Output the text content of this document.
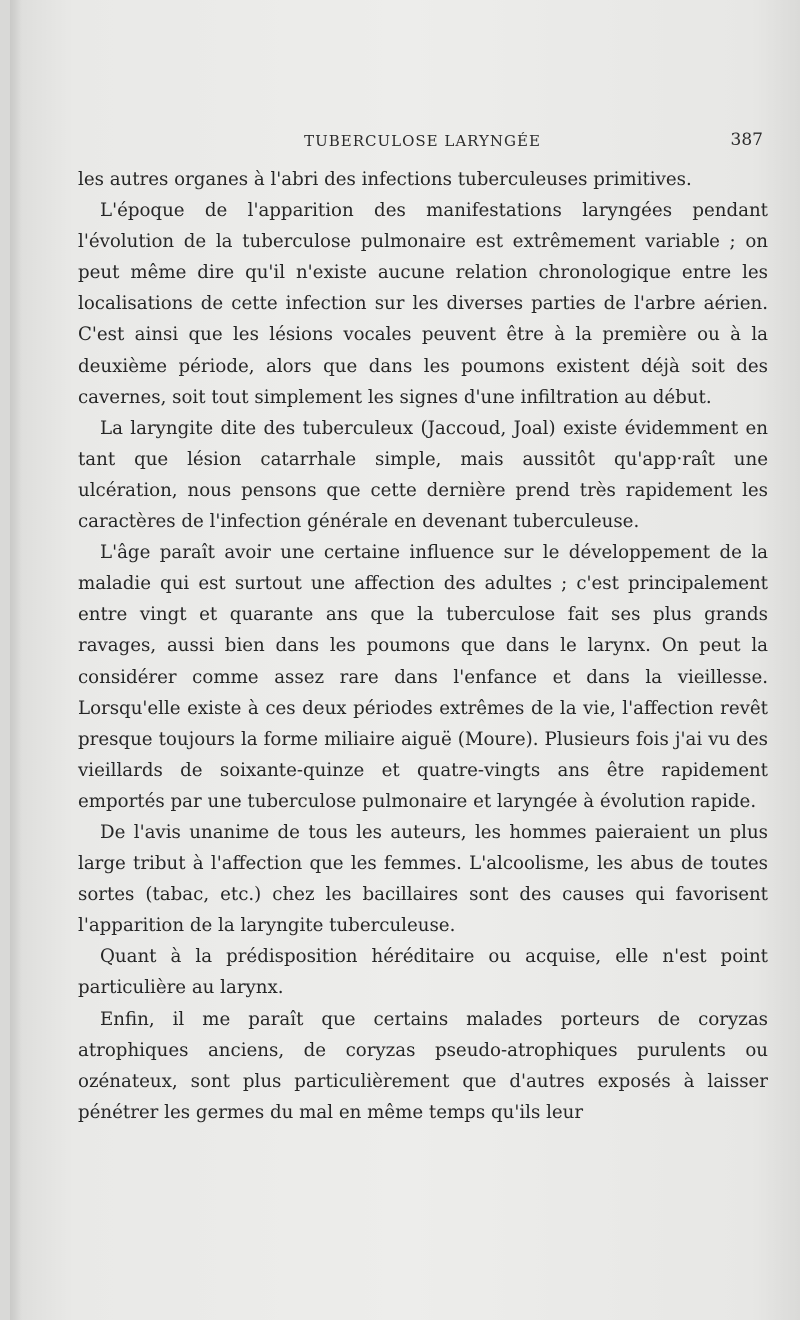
TUBERCULOSE LARYNGÉE	387

les autres organes à l'abri des infections tuberculeuses primitives.

L'époque de l'apparition des manifestations laryngées pendant l'évolution de la tuberculose pulmonaire est extrêmement variable ; on peut même dire qu'il n'existe aucune relation chronologique entre les localisations de cette infection sur les diverses parties de l'arbre aérien. C'est ainsi que les lésions vocales peuvent être à la première ou à la deuxième période, alors que dans les poumons existent déjà soit des cavernes, soit tout simplement les signes d'une infiltration au début.

La laryngite dite des tuberculeux (Jaccoud, Joal) existe évidemment en tant que lésion catarrhale simple, mais aussitôt qu'app·raît une ulcération, nous pensons que cette dernière prend très rapidement les caractères de l'infection générale en devenant tuberculeuse.

L'âge paraît avoir une certaine influence sur le développement de la maladie qui est surtout une affection des adultes ; c'est principalement entre vingt et quarante ans que la tuberculose fait ses plus grands ravages, aussi bien dans les poumons que dans le larynx. On peut la considérer comme assez rare dans l'enfance et dans la vieillesse. Lorsqu'elle existe à ces deux périodes extrêmes de la vie, l'affection revêt presque toujours la forme miliaire aiguë (Moure). Plusieurs fois j'ai vu des vieillards de soixante-quinze et quatre-vingts ans être rapidement emportés par une tuberculose pulmonaire et laryngée à évolution rapide.

De l'avis unanime de tous les auteurs, les hommes paieraient un plus large tribut à l'affection que les femmes. L'alcoolisme, les abus de toutes sortes (tabac, etc.) chez les bacillaires sont des causes qui favorisent l'apparition de la laryngite tuberculeuse.

Quant à la prédisposition héréditaire ou acquise, elle n'est point particulière au larynx.

Enfin, il me paraît que certains malades porteurs de coryzas atrophiques anciens, de coryzas pseudo-atrophiques purulents ou ozénateux, sont plus particulièrement que d'autres exposés à laisser pénétrer les germes du mal en même temps qu'ils leur
